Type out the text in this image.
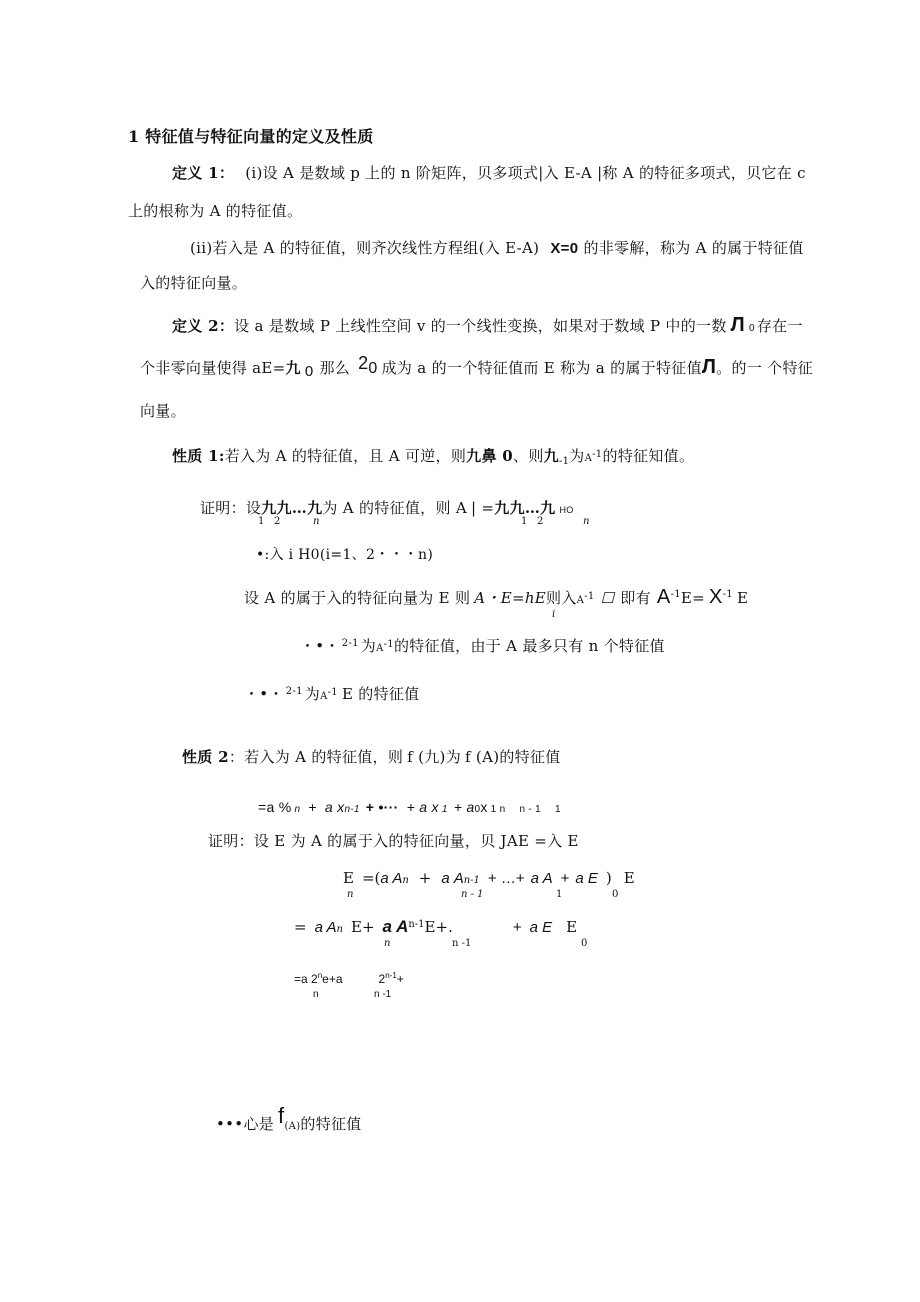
1 特征值与特征向量的定义及性质
定义 1： (i)设 A 是数域 p 上的 n 阶矩阵，贝多项式|入 E-A |称 A 的特征多项式，贝它在 c
上的根称为 A 的特征值。
(ii)若入是 A 的特征值，则齐次线性方程组(入 E-A) X=0 的非零解，称为 A 的属于特征值
入的特征向量。
定义 2：设 a 是数域 P 上线性空间 v 的一个线性变换，如果对于数域 P 中的一数 Л 0 存在一
个非零向量使得 aE=九 0 那么 20 成为 a 的一个特征值而 E 称为 a 的属于特征值Л。的一 个特征
向量。
性质 1:若入为 A 的特征值，且 A 可逆，则九鼻 0、则九$_{-1}$为$A^{-1}$的特征知值。
证明：设九九…九为 A 的特征值，则 A | =九九…九 HO
1 2	n	1 2	n
•:入 i H0(i=1、2・・・n)
设 A 的属于入的特征向量为 E 则 A・E=hE则入$A^{-1}$ ☐ 即有 $A^{-1}E= X^{-1}$ E
i
・•・ $^{2-1}$ 为$A^{-1}$的特征值，由于 A 最多只有 n 个特征值
・•・ $^{2-1}$ 为$A^{-1}$ E 的特征值
性质 2：若入为 A 的特征值，则 f (九)为 f (A)的特征值
=a % n + a xn-1 + •··· + a x 1 + a0x 1 n n - 1 1
证明：设 E 为 A 的属于入的特征向量，贝 JAE =入 E
E =(a An + a An-1 + …+ a A + a E ) E
n	n - 1	1	0
= a An E+ a $A^{n-1}E+$.	+ a E E
n	n -1	0
=a $2^ne+a$	$2^{n-1}+$
n	n -1
•••心是 f(A)的特征值
